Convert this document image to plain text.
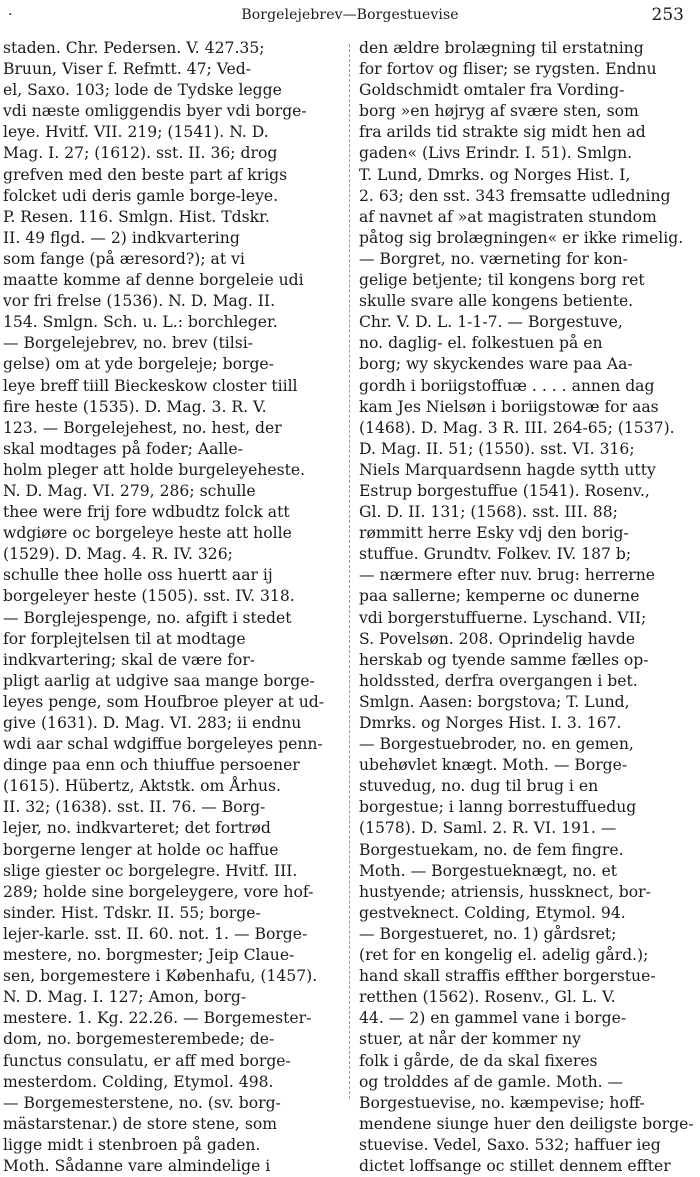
·	Borgelejebrev—Borgestuevise	253
staden. Chr. Pedersen. V. 427.35;
Bruun, Viser f. Refmtt. 47; Ved-
el, Saxo. 103; lode de Tydske legge
vdi næste omliggendis byer vdi borge-
leye. Hvitf. VII. 219; (1541). N. D.
Mag. I. 27; (1612). sst. II. 36; drog
grefven med den beste part af krigs
folcket udi deris gamle borge-leye.
P. Resen. 116. Smlgn. Hist. Tdskr.
II. 49 flgd. — 2) indkvartering
som fange (på æresord?); at vi
maatte komme af denne borgeleie udi
vor fri frelse (1536). N. D. Mag. II.
154. Smlgn. Sch. u. L.: borchleger.
— Borgelejebrev, no. brev (tilsi-
gelse) om at yde borgeleje; borge-
leye breff tiill Bieckeskow closter tiill
fire heste (1535). D. Mag. 3. R. V.
123. — Borgelejehest, no. hest, der
skal modtages på foder; Aalle-
holm pleger att holde burgeleyeheste.
N. D. Mag. VI. 279, 286; schulle
thee were frij fore wdbudtz folck att
wdgiøre oc borgeleye heste att holle
(1529). D. Mag. 4. R. IV. 326;
schulle thee holle oss huertt aar ij
borgeleyer heste (1505). sst. IV. 318.
— Borglejespenge, no. afgift i stedet
for forplejtelsen til at modtage
indkvartering; skal de være for-
pligt aarlig at udgive saa mange borge-
leyes penge, som Houfbroe pleyer at ud-
give (1631). D. Mag. VI. 283; ii endnu
wdi aar schal wdgiffue borgeleyes penn-
dinge paa enn och thiuffue persoener
(1615). Hübertz, Aktstk. om Århus.
II. 32; (1638). sst. II. 76. — Borg-
lejer, no. indkvarteret; det fortrød
borgerne lenger at holde oc haffue
slige giester oc borgelegre. Hvitf. III.
289; holde sine borgeleygere, vore hof-
sinder. Hist. Tdskr. II. 55; borge-
lejer-karle. sst. II. 60. not. 1. — Borge-
mestere, no. borgmester; Jeip Claue-
sen, borgemestere i Københafu, (1457).
N. D. Mag. I. 127; Amon, borg-
mestere. 1. Kg. 22.26. — Borgemester-
dom, no. borgemesterembede; de-
functus consulatu, er aff med borge-
mesterdom. Colding, Etymol. 498.
— Borgemesterstene, no. (sv. borg-
mästarstenar.) de store stene, som
ligge midt i stenbroen på gaden.
Moth. Sådanne vare almindelige i
den ældre brolægning til erstatning
for fortov og fliser; se rygsten. Endnu
Goldschmidt omtaler fra Vording-
borg »en højryg af svære sten, som
fra arilds tid strakte sig midt hen ad
gaden« (Livs Erindr. I. 51). Smlgn.
T. Lund, Dmrks. og Norges Hist. I,
2. 63; den sst. 343 fremsatte udledning
af navnet af »at magistraten stundom
påtog sig brolægningen« er ikke rimelig.
— Borgret, no. værneting for kon-
gelige betjente; til kongens borg ret
skulle svare alle kongens betiente.
Chr. V. D. L. 1-1-7. — Borgestuve,
no. daglig- el. folkestuen på en
borg; wy skyckendes ware paa Aa-
gordh i boriigstoffuæ . . . . annen dag
kam Jes Nielsøn i boriigstowæ for aas
(1468). D. Mag. 3 R. III. 264-65; (1537).
D. Mag. II. 51; (1550). sst. VI. 316;
Niels Marquardsenn hagde sytth utty
Estrup borgestuffue (1541). Rosenv.,
Gl. D. II. 131; (1568). sst. III. 88;
rømmitt herre Esky vdj den borig-
stuffue. Grundtv. Folkev. IV. 187 b;
— nærmere efter nuv. brug: herrerne
paa sallerne; kemperne oc dunerne
vdi borgerstuffuerne. Lyschand. VII;
S. Povelsøn. 208. Oprindelig havde
herskab og tyende samme fælles op-
holdssted, derfra overgangen i bet.
Smlgn. Aasen: borgstova; T. Lund,
Dmrks. og Norges Hist. I. 3. 167.
— Borgestuebroder, no. en gemen,
ubehøvlet knægt. Moth. — Borge-
stuvedug, no. dug til brug i en
borgestue; i lanng borrestuffuedug
(1578). D. Saml. 2. R. VI. 191. —
Borgestuekam, no. de fem fingre.
Moth. — Borgestueknægt, no. et
hustyende; atriensis, hussknect, bor-
gestveknect. Colding, Etymol. 94.
— Borgestueret, no. 1) gårdsret;
(ret for en kongelig el. adelig gård.);
hand skall straffis effther borgerstue-
retthen (1562). Rosenv., Gl. L. V.
44. — 2) en gammel vane i borge-
stuer, at når der kommer ny
folk i gårde, de da skal fixeres
og trolddes af de gamle. Moth. —
Borgestuevise, no. kæmpevise; hoff-
mendene siunge huer den deiligste borge-
stuevise. Vedel, Saxo. 532; haffuer ieg
dictet loffsange oc stillet dennem effter
